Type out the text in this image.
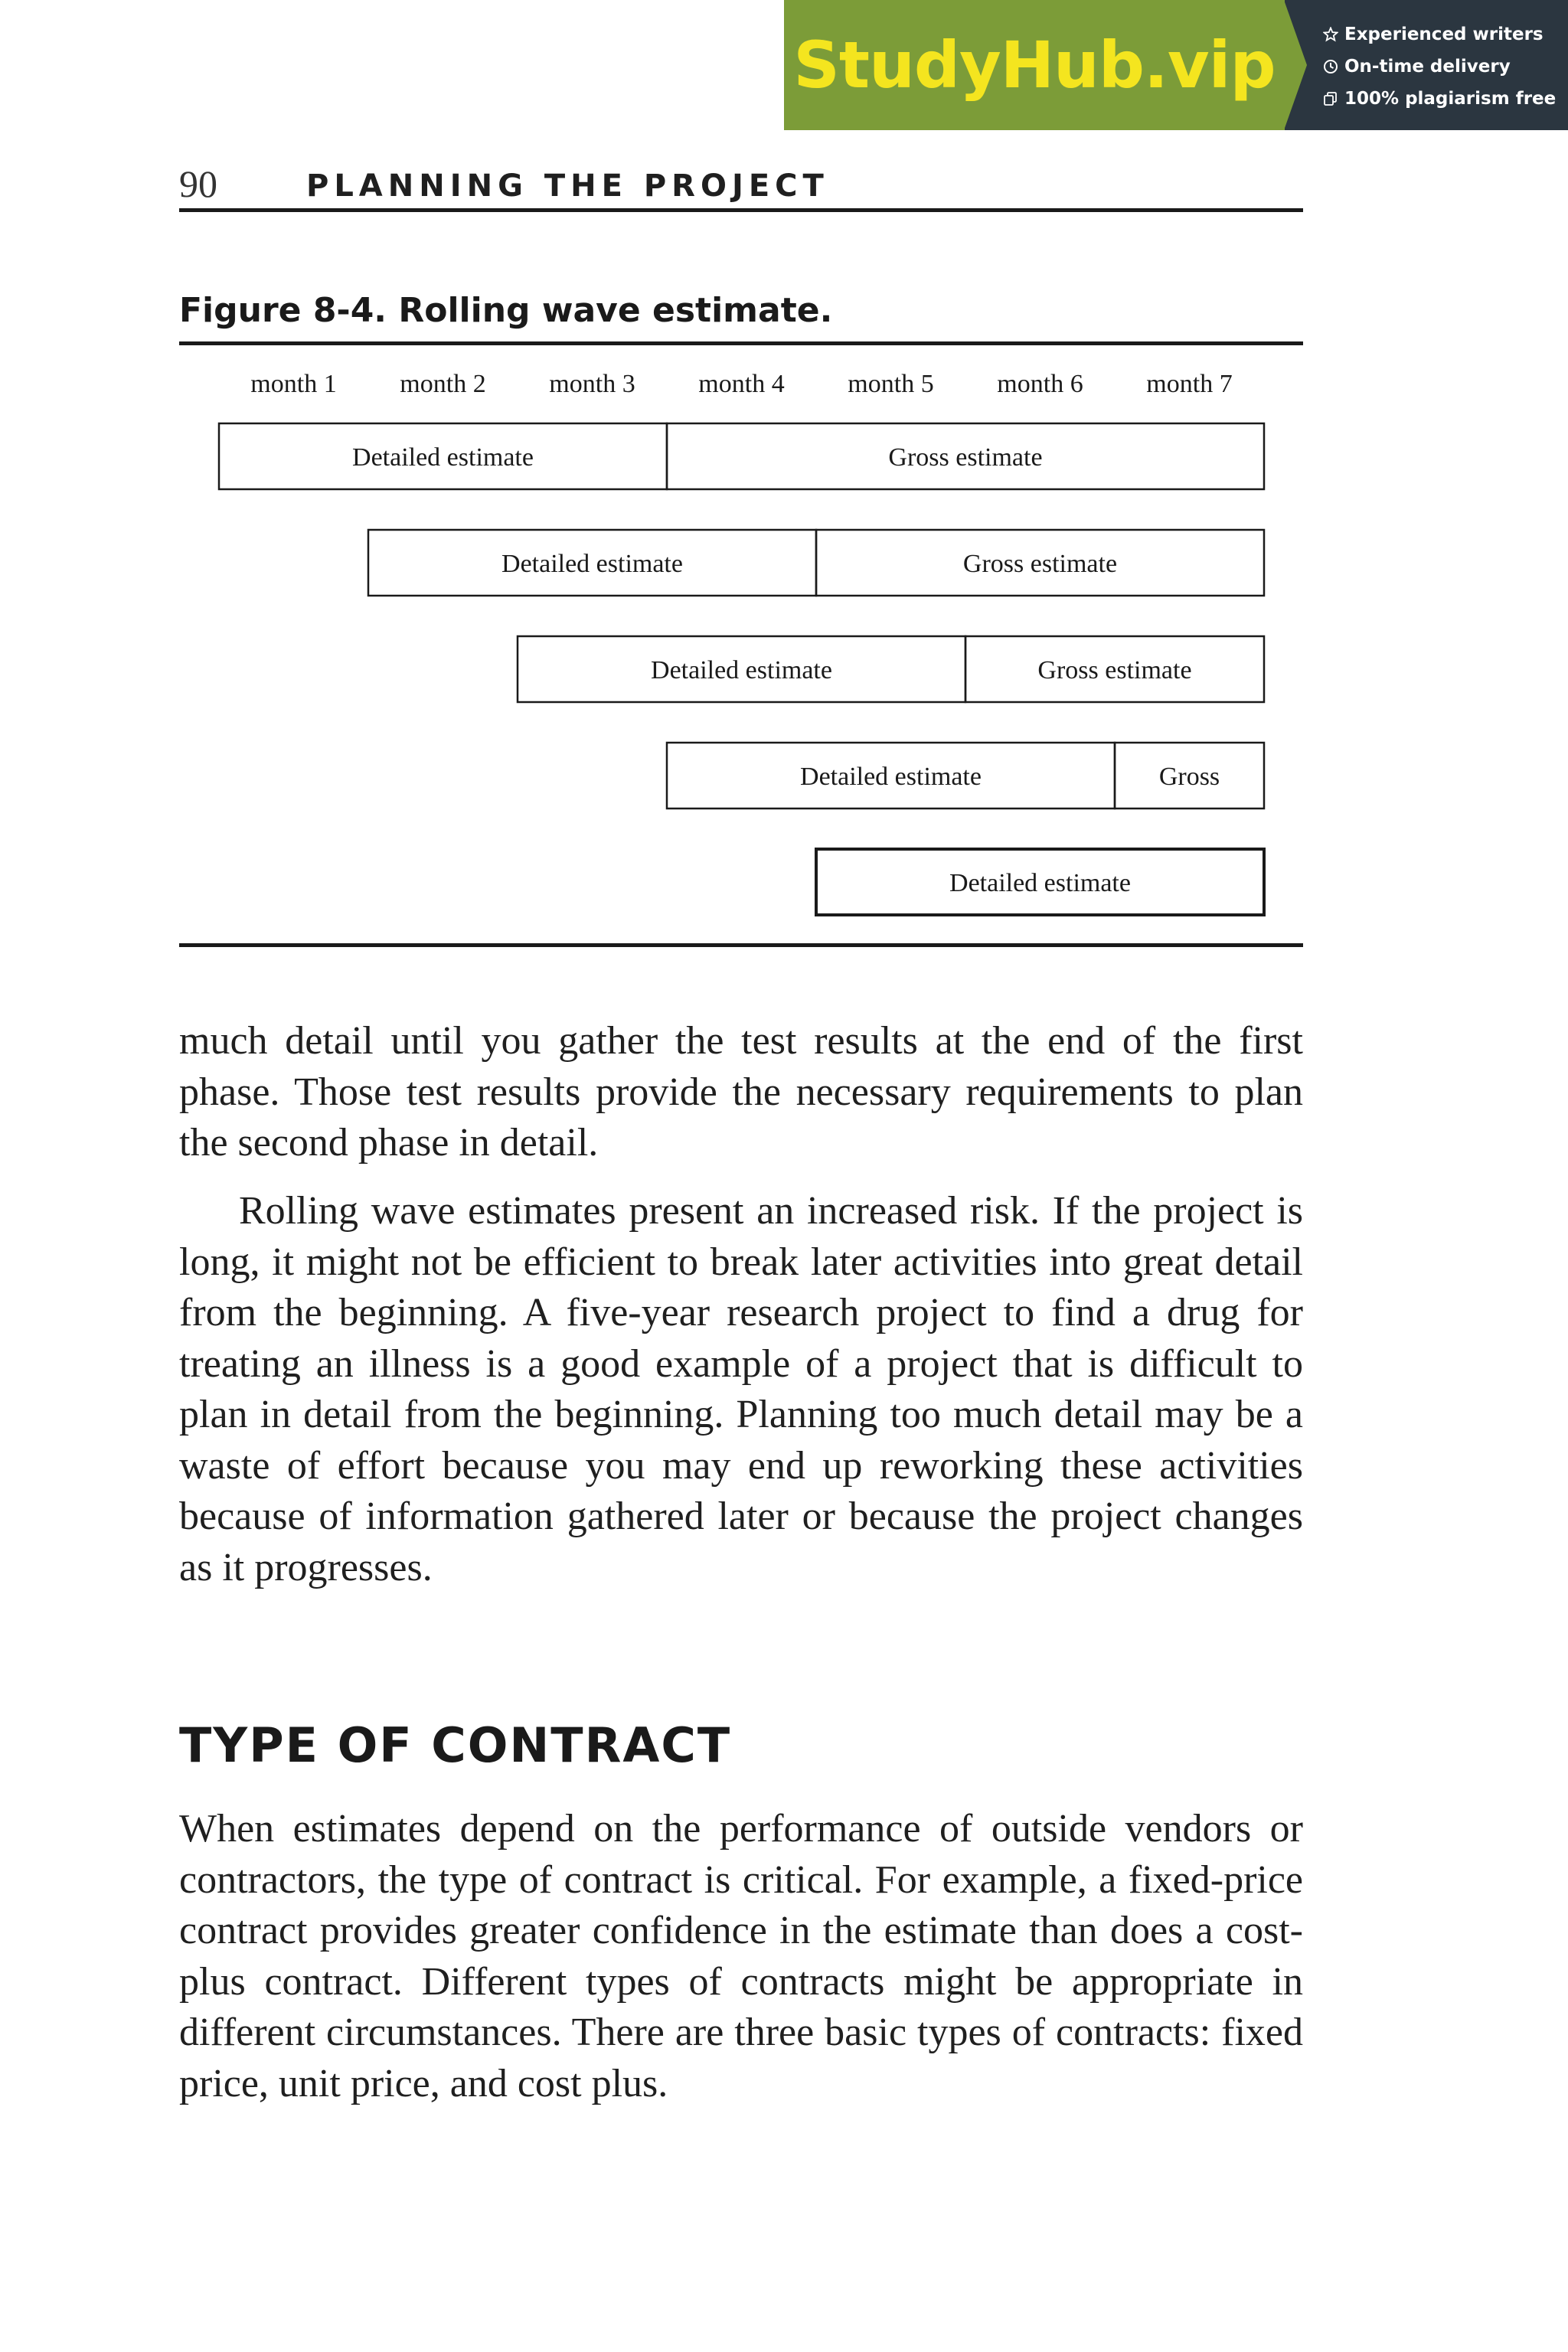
StudyHub.vip	Experienced writers
On-time delivery
100% plagiarism free
90	PLANNING THE PROJECT
Figure 8-4. Rolling wave estimate.
month 1 month 2 month 3 month 4 month 5 month 6 month 7
Detailed estimate	Gross estimate
Detailed estimate	Gross estimate
Detailed estimate	Gross estimate
Detailed estimate	Gross
Detailed estimate

much detail until you gather the test results at the end of the first phase. Those test results provide the necessary requirements to plan the second phase in detail.

Rolling wave estimates present an increased risk. If the project is long, it might not be efficient to break later activities into great detail from the beginning. A five-year research project to find a drug for treating an illness is a good example of a project that is difficult to plan in detail from the beginning. Planning too much detail may be a waste of effort because you may end up reworking these activities because of information gathered later or because the project changes as it progresses.

TYPE OF CONTRACT

When estimates depend on the performance of outside vendors or contractors, the type of contract is critical. For example, a fixed-price contract provides greater confidence in the estimate than does a cost-plus contract. Different types of contracts might be appropriate in different circumstances. There are three basic types of contracts: fixed price, unit price, and cost plus.
